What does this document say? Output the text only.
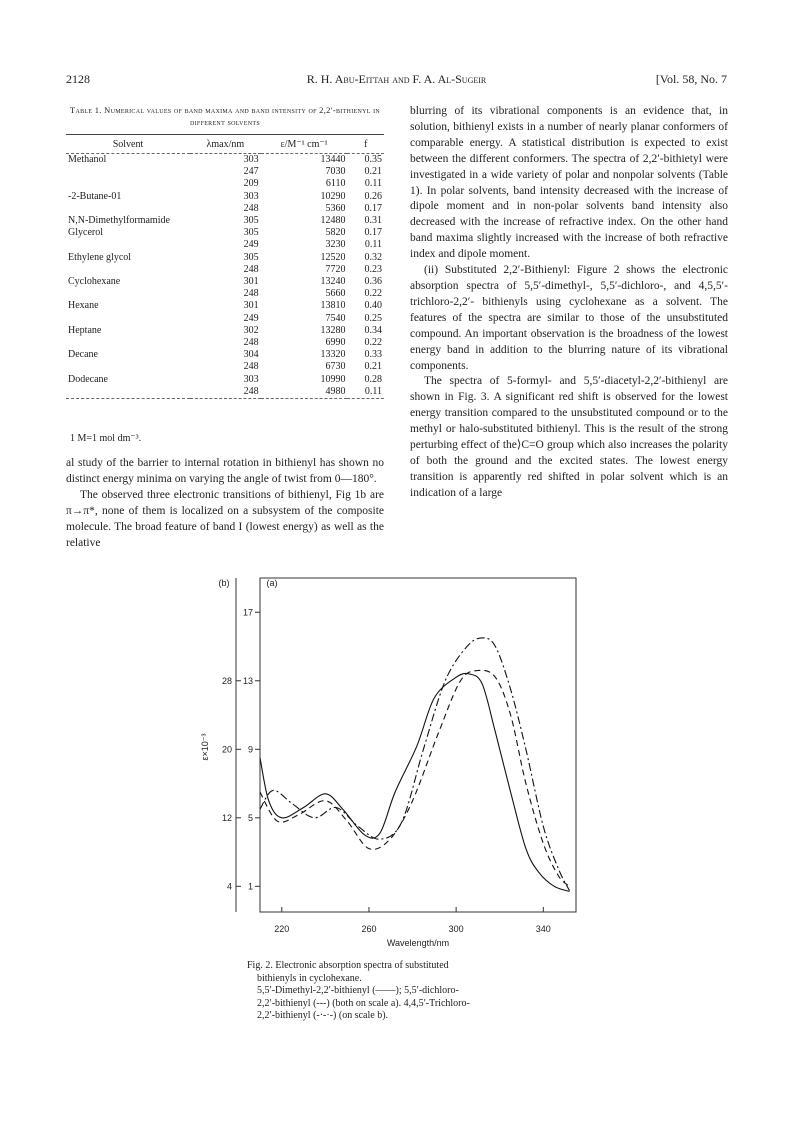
2128	R. H. Abu-Eittah and F. A. Al-Sugeir	[Vol. 58, No. 7
Table 1. Numerical values of band maxima and band intensity of 2,2′-bithienyl in different solvents
Solvent	λmax/nm	ε/M⁻¹ cm⁻¹	f
Methanol	303	13440	0.35
	247	7030	0.21
	209	6110	0.11
-2-Butane-01	303	10290	0.26
	248	5360	0.17
N,N-Dimethylformamide	305	12480	0.31
Glycerol	305	5820	0.17
	249	3230	0.11
Ethylene glycol	305	12520	0.32
	248	7720	0.23
Cyclohexane	301	13240	0.36
	248	5660	0.22
Hexane	301	13810	0.40
	249	7540	0.25
Heptane	302	13280	0.34
	248	6990	0.22
Decane	304	13320	0.33
	248	6730	0.21
Dodecane	303	10990	0.28
	248	4980	0.11
1 M=1 mol dm⁻³.

al study of the barrier to internal rotation in bithienyl has shown no distinct energy minima on varying the angle of twist from 0—180°.

The observed three electronic transitions of bithienyl, Fig 1b are π→π*, none of them is localized on a subsystem of the composite molecule. The broad feature of band I (lowest energy) as well as the relative

blurring of its vibrational components is an evidence that, in solution, bithienyl exists in a number of nearly planar conformers of comparable energy. A statistical distribution is expected to exist between the different conformers. The spectra of 2,2′-bithietyl were investigated in a wide variety of polar and nonpolar solvents (Table 1). In polar solvents, band intensity decreased with the increase of dipole moment and in non-polar solvents band intensity also decreased with the increase of refractive index. On the other hand band maxima slightly increased with the increase of both refractive index and dipole moment.

(ii) Substituted 2,2′-Bithienyl: Figure 2 shows the electronic absorption spectra of 5,5′-dimethyl-, 5,5′-dichloro-, and 4,5,5′-trichloro-2,2′- bithienyls using cyclohexane as a solvent. The features of the spectra are similar to those of the unsubstituted compound. An important observation is the broadness of the lowest energy band in addition to the blurring nature of its vibrational components.

The spectra of 5-formyl- and 5,5′-diacetyl-2,2′-bithienyl are shown in Fig. 3. A significant red shift is observed for the lowest energy transition compared to the unsubstituted compound or to the methyl or halo-substituted bithienyl. This is the result of the strong perturbing effect of the⟩C=O group which also increases the polarity of both the ground and the excited states. The lowest energy transition is apparently red shifted in polar solvent which is an indication of a large

220	260	300	340
1
5
9
13
17
4
12
20
28
(b)	(a)
Wavelength/nm
ε×10⁻³

Fig. 2. Electronic absorption spectra of substituted

bithienyls in cyclohexane.

5,5′-Dimethyl-2,2′-bithienyl (——); 5,5′-dichloro-

2,2′-bithienyl (---) (both on scale a). 4,4,5′-Trichloro-

2,2′-bithienyl (-·-·-) (on scale b).
